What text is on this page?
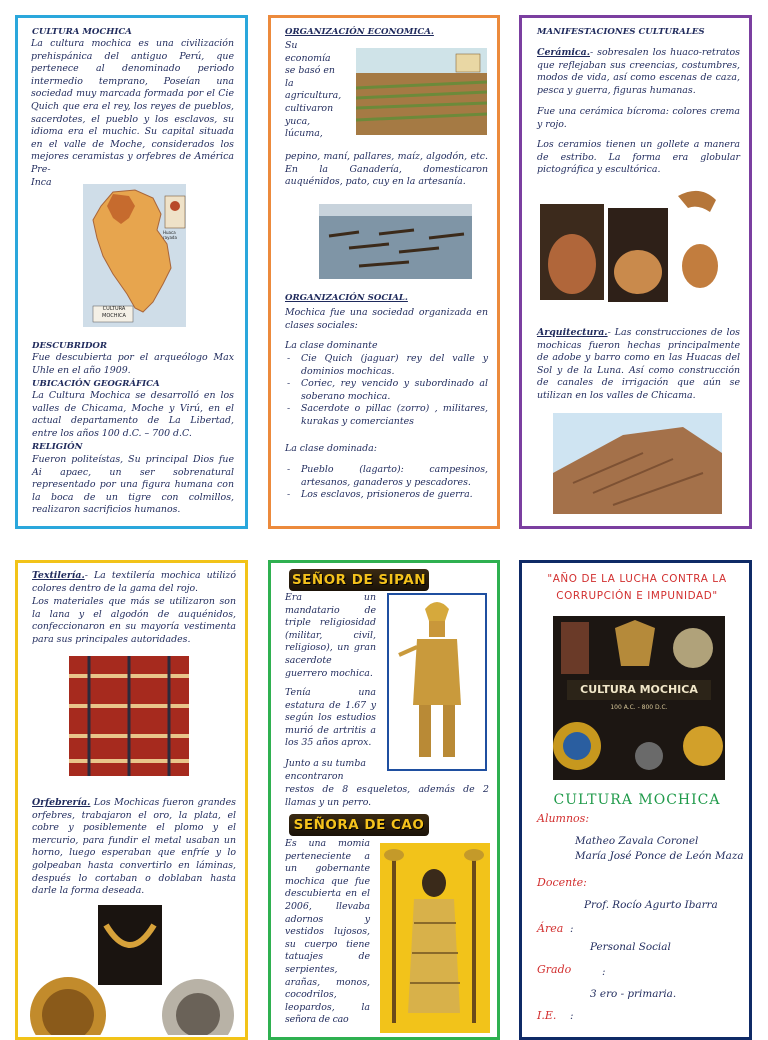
CULTURA MOCHICA
La cultura mochica es una civilización prehispánica del antiguo Perú, que pertenece al denominado periodo intermedio temprano, Poseían una sociedad muy marcada formada por el Cie Quich que era el rey, los reyes de pueblos, sacerdotes, el pueblo y los esclavos, su idioma era el muchic. Su capital situada en el valle de Moche, considerados los mejores ceramistas y orfebres de América Pre-
Inca
CULTURA MOCHICA
Huaca rayada
DESCUBRIDOR
Fue descubierta por el arqueólogo Max Uhle en el año 1909.
UBICACIÓN GEOGRÁFICA
La Cultura Mochica se desarrolló en los valles de Chicama, Moche y Virú, en el actual departamento de La Libertad, entre los años 100 d.C. – 700 d.C.
RELIGIÓN
Fueron politeístas, Su principal Dios fue Ai apaec, un ser sobrenatural representado por una figura humana con la boca de un tigre con colmillos, realizaron sacrificios humanos.
ORGANIZACIÓN ECONOMICA.
Su
economía
se basó en
la
agricultura,
cultivaron
yuca,
lúcuma,
pepino, maní, pallares, maíz, algodón, etc. En la Ganadería, domesticaron auquénidos, pato, cuy en la artesanía.
ORGANIZACIÓN SOCIAL.
Mochica fue una sociedad organizada en clases sociales:
La clase dominante
- Cie Quich (jaguar) rey del valle y dominios mochicas.
- Coriec, rey vencido y subordinado al soberano mochica.
- Sacerdote o pillac (zorro) , militares, kurakas y comerciantes
La clase dominada:
- Pueblo (lagarto): campesinos, artesanos, ganaderos y pescadores.
- Los esclavos, prisioneros de guerra.
MANIFESTACIONES CULTURALES
Cerámica.- sobresalen los huaco-retratos que reflejaban sus creencias, costumbres, modos de vida, así como escenas de caza, pesca y guerra, figuras humanas.
Fue una cerámica bícroma: colores crema y rojo.
Los ceramios tienen un gollete a manera de estribo. La forma era globular pictográfica y escultórica.
Arquitectura.- Las construcciones de los mochicas fueron hechas principalmente de adobe y barro como en las Huacas del Sol y de la Luna. Así como construcción de canales de irrigación que aún se utilizan en los valles de Chicama.
Textilería.- La textilería mochica utilizó colores dentro de la gama del rojo.
Los materiales que más se utilizaron son la lana y el algodón de auquénidos, confeccionaron en su mayoría vestimenta para sus principales autoridades.
Orfebrería. Los Mochicas fueron grandes orfebres, trabajaron el oro, la plata, el cobre y posiblemente el plomo y el mercurio, para fundir el metal usaban un horno, luego esperaban que enfríe y lo golpeaban hasta convertirlo en láminas, después lo cortaban o doblaban hasta darle la forma deseada.
SEÑOR DE SIPAN
Era un
mandatario de
triple religiosidad
(militar, civil,
religioso), un gran
sacerdote
guerrero mochica.
Tenía una
estatura de 1.67 y
según los estudios
murió de artritis a
los 35 años aprox.
Junto a su tumba
encontraron
restos de 8 esqueletos, además de 2 llamas y un perro.
SEÑORA DE CAO
Es una momia
perteneciente a
un gobernante
mochica que fue
descubierta en el
2006, llevaba
adornos y
vestidos lujosos,
su cuerpo tiene
tatuajes de
serpientes,
arañas, monos,
cocodrilos,
leopardos, la
señora de cao
"AÑO DE LA LUCHA CONTRA LA CORRUPCIÓN E IMPUNIDAD"
CULTURA MOCHICA
100 A.C. - 800 D.C.
CULTURA MOCHICA
Alumnos:
Matheo Zavala Coronel
María José Ponce de León Maza
Docente:
Prof. Rocío Agurto Ibarra
Área :
Personal Social
Grado	:
3 ero - primaria.
I.E. :
